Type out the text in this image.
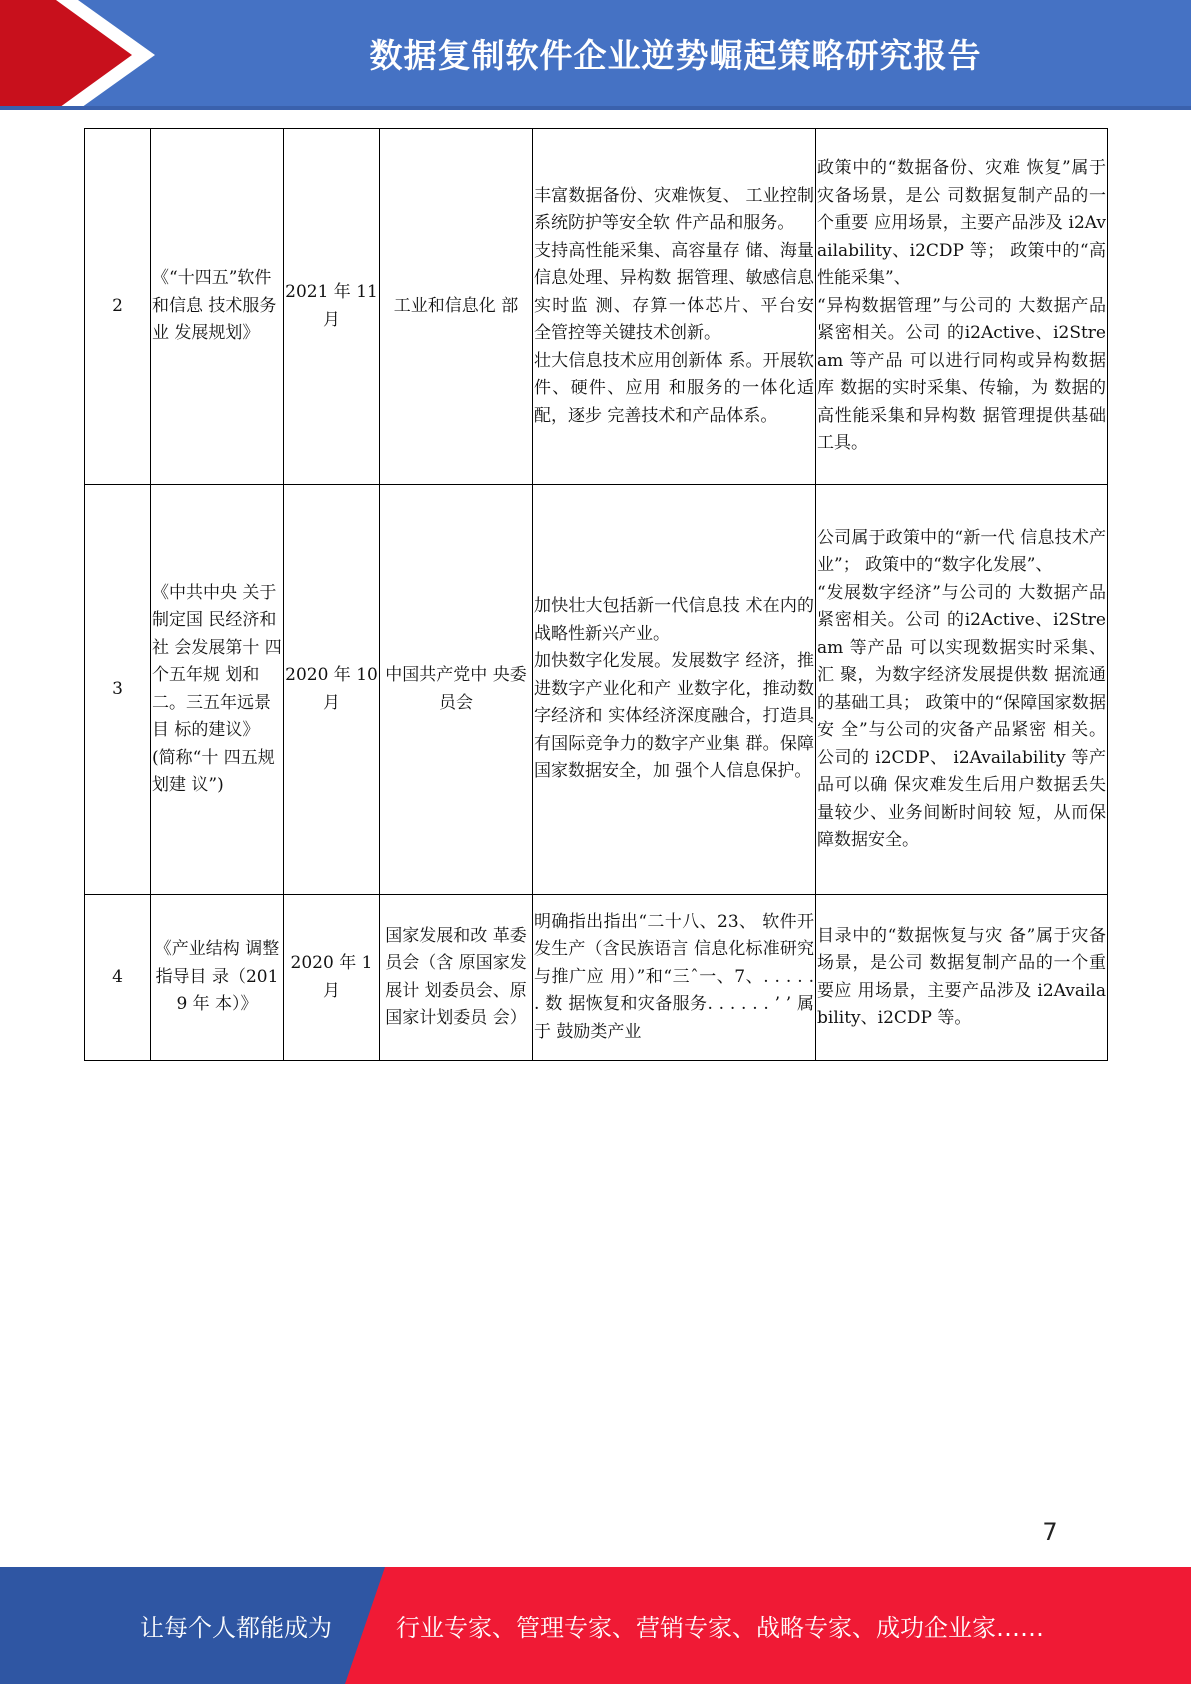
数据复制软件企业逆势崛起策略研究报告
2	《“十四五”软件和信息 技术服务业 发展规划》	2021 年 11 月	工业和信息化 部	丰富数据备份、灾难恢复、 工业控制系统防护等安全软 件产品和服务。
支持高性能采集、高容量存 储、海量信息处理、异构数 据管理、敏感信息实时监 测、存算一体芯片、平台安 全管控等关键技术创新。
壮大信息技术应用创新体 系。开展软件、硬件、应用 和服务的一体化适配，逐步 完善技术和产品体系。	政策中的“数据备份、灾难 恢复”属于灾备场景，是公 司数据复制产品的一个重要 应用场景，主要产品涉及 i2Availability、i2CDP 等； 政策中的“高性能采集”、
“异构数据管理”与公司的 大数据产品紧密相关。公司 的i2Active、i2Stream 等产品 可以进行同构或异构数据库 数据的实时采集、传输，为 数据的高性能采集和异构数 据管理提供基础工具。

3	《中共中央 关于制定国 民经济和社 会发展第十 四个五年规 划和二。三五年远景目 标的建议》 (简称“十 四五规划建 议”)	2020 年 10 月	中国共产党中 央委员会	加快壮大包括新一代信息技 术在内的战略性新兴产业。
加快数字化发展。发展数字 经济，推进数字产业化和产 业数字化，推动数字经济和 实体经济深度融合，打造具 有国际竞争力的数字产业集 群。保障国家数据安全，加 强个人信息保护。	公司属于政策中的“新一代 信息技术产业”； 政策中的“数字化发展”、
“发展数字经济”与公司的 大数据产品紧密相关。公司 的i2Active、i2Stream 等产品 可以实现数据实时采集、汇 聚，为数字经济发展提供数 据流通的基础工具； 政策中的“保障国家数据安 全”与公司的灾备产品紧密 相关。 公司的 i2CDP、 i2Availability 等产品可以确 保灾难发生后用户数据丢失量较少、业务间断时间较 短，从而保障数据安全。

4	《产业结构 调整指导目 录（2019 年 本）》	2020 年 1 月	国家发展和改 革委员会（含 原国家发展计 划委员会、原 国家计划委员 会）	明确指出指出“二十八、23、 软件开发生产（含民族语言 信息化标准研究与推广应 用）”和“三ˆ一、7、. . . . . . 数 据恢复和灾备服务. . . . . . ’ ’ 属于 鼓励类产业	目录中的“数据恢复与灾 备”属于灾备场景，是公司 数据复制产品的一个重要应 用场景，主要产品涉及 i2Availability、i2CDP 等。
7
让每个人都能成为	行业专家、管理专家、营销专家、战略专家、成功企业家……
